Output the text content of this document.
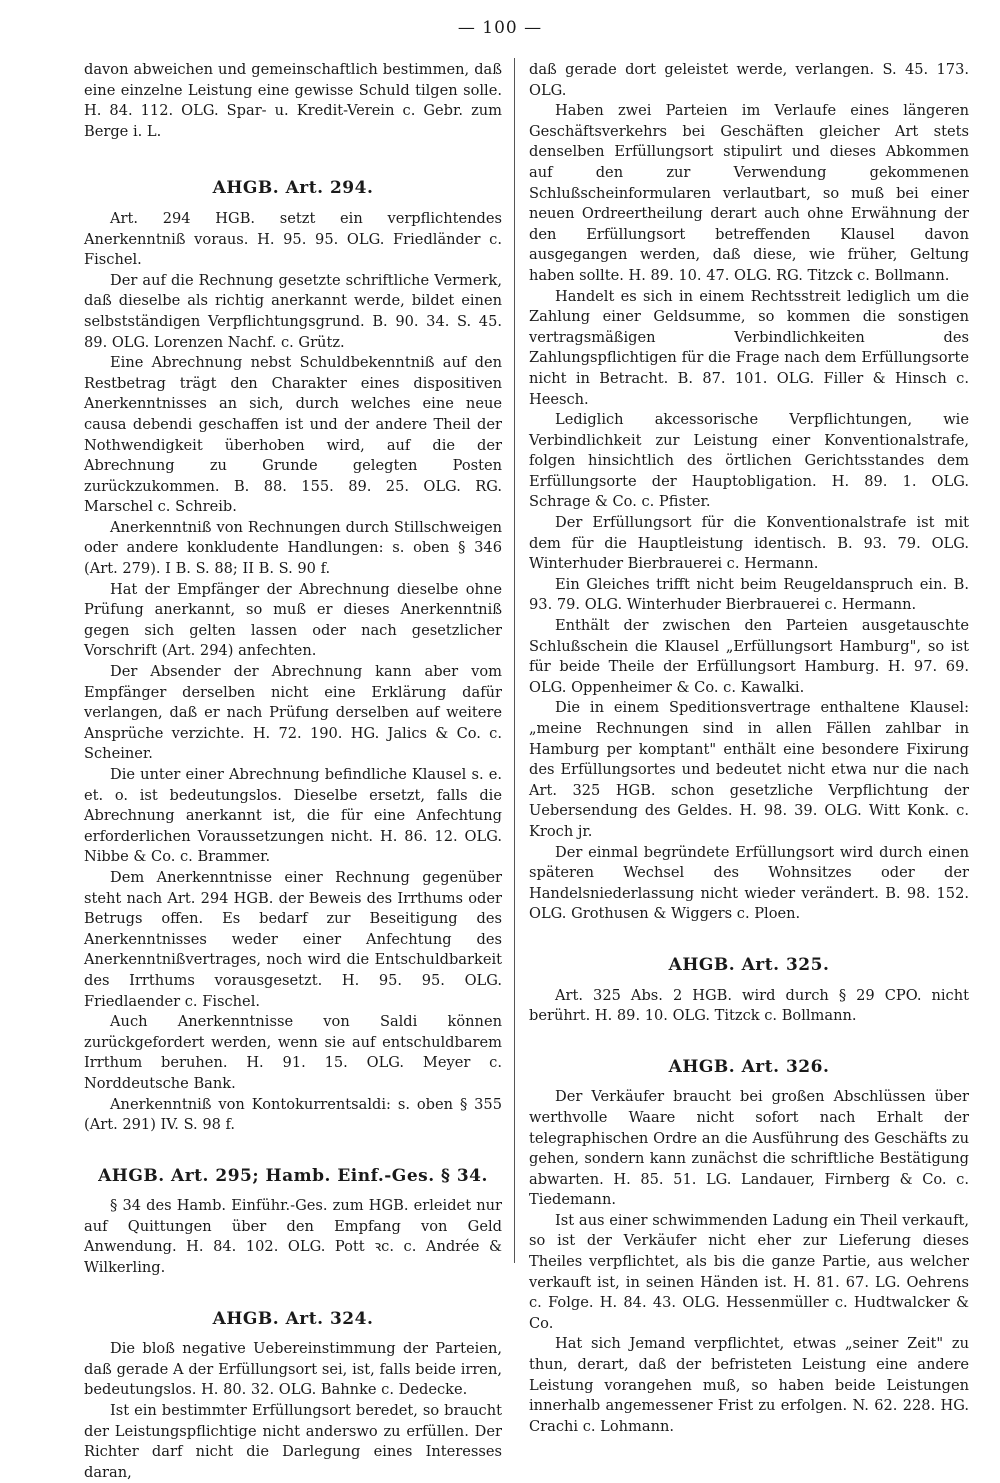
— 100 —
davon abweichen und gemeinschaftlich bestimmen, daß eine einzelne Leistung eine gewisse Schuld tilgen solle. H. 84. 112. OLG. Spar- u. Kredit-Verein c. Gebr. zum Berge i. L.
AHGB. Art. 294.
Art. 294 HGB. setzt ein verpflichtendes Anerkenntniß voraus. H. 95. 95. OLG. Friedländer c. Fischel.
Der auf die Rechnung gesetzte schriftliche Vermerk, daß dieselbe als richtig anerkannt werde, bildet einen selbstständigen Verpflichtungsgrund. B. 90. 34. S. 45. 89. OLG. Lorenzen Nachf. c. Grütz.
Eine Abrechnung nebst Schuldbekenntniß auf den Restbetrag trägt den Charakter eines dispositiven Anerkenntnisses an sich, durch welches eine neue causa debendi geschaffen ist und der andere Theil der Nothwendigkeit überhoben wird, auf die der Abrechnung zu Grunde gelegten Posten zurückzukommen. B. 88. 155. 89. 25. OLG. RG. Marschel c. Schreib.
Anerkenntniß von Rechnungen durch Stillschweigen oder andere konkludente Handlungen: s. oben § 346 (Art. 279). I B. S. 88; II B. S. 90 f.
Hat der Empfänger der Abrechnung dieselbe ohne Prüfung anerkannt, so muß er dieses Anerkenntniß gegen sich gelten lassen oder nach gesetzlicher Vorschrift (Art. 294) anfechten.
Der Absender der Abrechnung kann aber vom Empfänger derselben nicht eine Erklärung dafür verlangen, daß er nach Prüfung derselben auf weitere Ansprüche verzichte. H. 72. 190. HG. Jalics & Co. c. Scheiner.
Die unter einer Abrechnung befindliche Klausel s. e. et. o. ist bedeutungslos. Dieselbe ersetzt, falls die Abrechnung anerkannt ist, die für eine Anfechtung erforderlichen Voraussetzungen nicht. H. 86. 12. OLG. Nibbe & Co. c. Brammer.
Dem Anerkenntnisse einer Rechnung gegenüber steht nach Art. 294 HGB. der Beweis des Irrthums oder Betrugs offen. Es bedarf zur Beseitigung des Anerkenntnisses weder einer Anfechtung des Anerkenntnißvertrages, noch wird die Entschuldbarkeit des Irrthums vorausgesetzt. H. 95. 95. OLG. Friedlaender c. Fischel.
Auch Anerkenntnisse von Saldi können zurückgefordert werden, wenn sie auf entschuldbarem Irrthum beruhen. H. 91. 15. OLG. Meyer c. Norddeutsche Bank.
Anerkenntniß von Kontokurrentsaldi: s. oben § 355 (Art. 291) IV. S. 98 f.
AHGB. Art. 295; Hamb. Einf.-Ges. § 34.
§ 34 des Hamb. Einführ.-Ges. zum HGB. erleidet nur auf Quittungen über den Empfang von Geld Anwendung. H. 84. 102. OLG. Pott ꝛc. c. Andrée & Wilkerling.
AHGB. Art. 324.
Die bloß negative Uebereinstimmung der Parteien, daß gerade A der Erfüllungsort sei, ist, falls beide irren, bedeutungslos. H. 80. 32. OLG. Bahnke c. Dedecke.
Ist ein bestimmter Erfüllungsort beredet, so braucht der Leistungspflichtige nicht anderswo zu erfüllen. Der Richter darf nicht die Darlegung eines Interesses daran,
daß gerade dort geleistet werde, verlangen. S. 45. 173. OLG.
Haben zwei Parteien im Verlaufe eines längeren Geschäftsverkehrs bei Geschäften gleicher Art stets denselben Erfüllungsort stipulirt und dieses Abkommen auf den zur Verwendung gekommenen Schlußscheinformularen verlautbart, so muß bei einer neuen Ordreertheilung derart auch ohne Erwähnung der den Erfüllungsort betreffenden Klausel davon ausgegangen werden, daß diese, wie früher, Geltung haben sollte. H. 89. 10. 47. OLG. RG. Titzck c. Bollmann.
Handelt es sich in einem Rechtsstreit lediglich um die Zahlung einer Geldsumme, so kommen die sonstigen vertragsmäßigen Verbindlichkeiten des Zahlungspflichtigen für die Frage nach dem Erfüllungsorte nicht in Betracht. B. 87. 101. OLG. Filler & Hinsch c. Heesch.
Lediglich akcessorische Verpflichtungen, wie Verbindlichkeit zur Leistung einer Konventionalstrafe, folgen hinsichtlich des örtlichen Gerichtsstandes dem Erfüllungsorte der Hauptobligation. H. 89. 1. OLG. Schrage & Co. c. Pfister.
Der Erfüllungsort für die Konventionalstrafe ist mit dem für die Hauptleistung identisch. B. 93. 79. OLG. Winterhuder Bierbrauerei c. Hermann.
Ein Gleiches trifft nicht beim Reugeldanspruch ein. B. 93. 79. OLG. Winterhuder Bierbrauerei c. Hermann.
Enthält der zwischen den Parteien ausgetauschte Schlußschein die Klausel „Erfüllungsort Hamburg", so ist für beide Theile der Erfüllungsort Hamburg. H. 97. 69. OLG. Oppenheimer & Co. c. Kawalki.
Die in einem Speditionsvertrage enthaltene Klausel: „meine Rechnungen sind in allen Fällen zahlbar in Hamburg per komptant" enthält eine besondere Fixirung des Erfüllungsortes und bedeutet nicht etwa nur die nach Art. 325 HGB. schon gesetzliche Verpflichtung der Uebersendung des Geldes. H. 98. 39. OLG. Witt Konk. c. Kroch jr.
Der einmal begründete Erfüllungsort wird durch einen späteren Wechsel des Wohnsitzes oder der Handelsniederlassung nicht wieder verändert. B. 98. 152. OLG. Grothusen & Wiggers c. Ploen.
AHGB. Art. 325.
Art. 325 Abs. 2 HGB. wird durch § 29 CPO. nicht berührt. H. 89. 10. OLG. Titzck c. Bollmann.
AHGB. Art. 326.
Der Verkäufer braucht bei großen Abschlüssen über werthvolle Waare nicht sofort nach Erhalt der telegraphischen Ordre an die Ausführung des Geschäfts zu gehen, sondern kann zunächst die schriftliche Bestätigung abwarten. H. 85. 51. LG. Landauer, Firnberg & Co. c. Tiedemann.
Ist aus einer schwimmenden Ladung ein Theil verkauft, so ist der Verkäufer nicht eher zur Lieferung dieses Theiles verpflichtet, als bis die ganze Partie, aus welcher verkauft ist, in seinen Händen ist. H. 81. 67. LG. Oehrens c. Folge. H. 84. 43. OLG. Hessenmüller c. Hudtwalcker & Co.
Hat sich Jemand verpflichtet, etwas „seiner Zeit" zu thun, derart, daß der befristeten Leistung eine andere Leistung vorangehen muß, so haben beide Leistungen innerhalb angemessener Frist zu erfolgen. N. 62. 228. HG. Crachi c. Lohmann.
